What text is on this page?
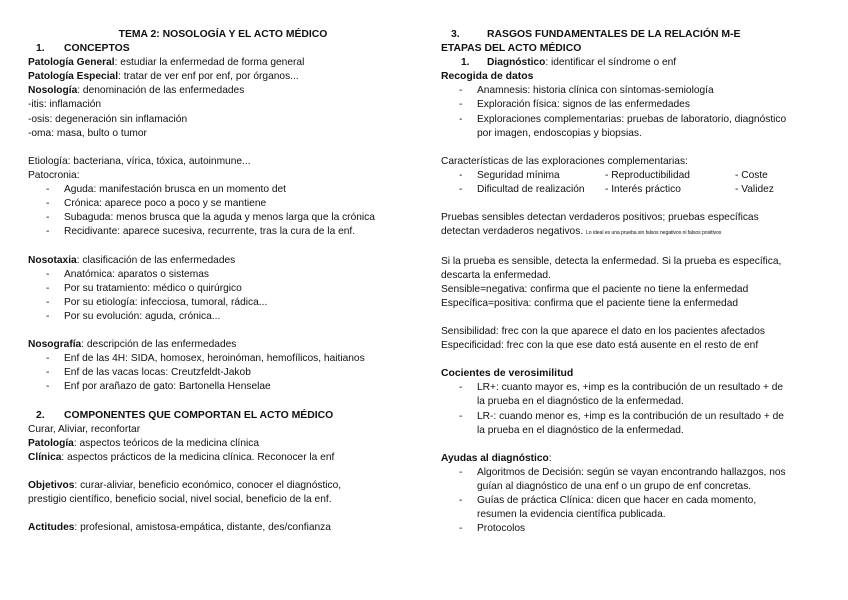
TEMA 2: NOSOLOGÍA Y EL ACTO MÉDICO

1. CONCEPTOS

Patología General: estudiar la enfermedad de forma general

Patología Especial: tratar de ver enf por enf, por órganos...

Nosología: denominación de las enfermedades

-itis: inflamación

-osis: degeneración sin inflamación

-oma: masa, bulto o tumor

Etiología: bacteriana, vírica, tóxica, autoinmune...

Patocronia:

- Aguda: manifestación brusca en un momento det
- Crónica: aparece poco a poco y se mantiene
- Subaguda: menos brusca que la aguda y menos larga que la crónica
- Recidivante: aparece sucesiva, recurrente, tras la cura de la enf.

Nosotaxia: clasificación de las enfermedades

- Anatómica: aparatos o sistemas
- Por su tratamiento: médico o quirúrgico
- Por su etiología: infecciosa, tumoral, rádica...
- Por su evolución: aguda, crónica...

Nosografía: descripción de las enfermedades

- Enf de las 4H: SIDA, homosex, heroinóman, hemofílicos, haitianos
- Enf de las vacas locas: Creutzfeldt-Jakob
- Enf por arañazo de gato: Bartonella Henselae

2. COMPONENTES QUE COMPORTAN EL ACTO MÉDICO

Curar, Aliviar, reconfortar

Patología: aspectos teóricos de la medicina clínica

Clínica: aspectos prácticos de la medicina clínica. Reconocer la enf

Objetivos: curar-aliviar, beneficio económico, conocer el diagnóstico,

prestigio científico, beneficio social, nivel social, beneficio de la enf.

Actitudes: profesional, amistosa-empática, distante, des/confianza

3.	RASGOS FUNDAMENTALES DE LA RELACIÓN M-E

ETAPAS DEL ACTO MÉDICO

1. Diagnóstico: identificar el síndrome o enf

Recogida de datos

- Anamnesis: historia clínica con síntomas-semiología
- Exploración física: signos de las enfermedades
- Exploraciones complementarias: pruebas de laboratorio, diagnóstico
por imagen, endoscopias y biopsias.

Características de las exploraciones complementarias:

- Seguridad mínima	- Reproductibilidad	- Coste
- Dificultad de realización	- Interés práctico	- Validez

Pruebas sensibles detectan verdaderos positivos; pruebas específicas

detectan verdaderos negativos. Lo ideal es una prueba sin falsos negativos ni falsos positivos

Si la prueba es sensible, detecta la enfermedad. Si la prueba es específica,

descarta la enfermedad.

Sensible=negativa: confirma que el paciente no tiene la enfermedad

Específica=positiva: confirma que el paciente tiene la enfermedad

Sensibilidad: frec con la que aparece el dato en los pacientes afectados

Especificidad: frec con la que ese dato está ausente en el resto de enf

Cocientes de verosimilitud

- LR+: cuanto mayor es, +imp es la contribución de un resultado + de
la prueba en el diagnóstico de la enfermedad.
- LR-: cuando menor es, +imp es la contribución de un resultado + de
la prueba en el diagnóstico de la enfermedad.

Ayudas al diagnóstico:

- Algoritmos de Decisión: según se vayan encontrando hallazgos, nos
guían al diagnóstico de una enf o un grupo de enf concretas.
- Guías de práctica Clínica: dicen que hacer en cada momento,
resumen la evidencia científica publicada.
- Protocolos
